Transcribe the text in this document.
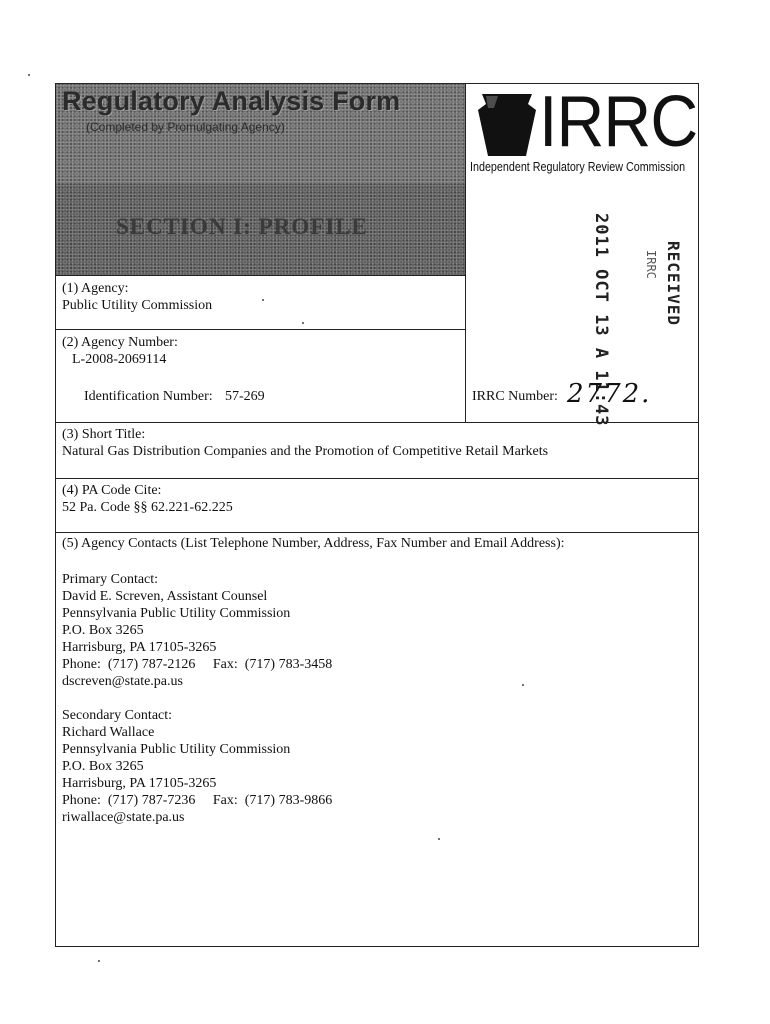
Regulatory Analysis Form
(Completed by Promulgating Agency)
SECTION I: PROFILE
IRRC
Independent Regulatory Review Commission
2011 OCT 13 A 11:43	RECEIVED
IRRC
(1) Agency:
Public Utility Commission
(2) Agency Number:
L-2008-2069114
Identification Number: 57-269	IRRC Number: 2772.
(3) Short Title:
Natural Gas Distribution Companies and the Promotion of Competitive Retail Markets
(4) PA Code Cite:
52 Pa. Code §§ 62.221-62.225
(5) Agency Contacts (List Telephone Number, Address, Fax Number and Email Address):
Primary Contact:
David E. Screven, Assistant Counsel
Pennsylvania Public Utility Commission
P.O. Box 3265
Harrisburg, PA 17105-3265
Phone:  (717) 787-2126     Fax:  (717) 783-3458
dscreven@state.pa.us
Secondary Contact:
Richard Wallace
Pennsylvania Public Utility Commission
P.O. Box 3265
Harrisburg, PA 17105-3265
Phone:  (717) 787-7236     Fax:  (717) 783-9866
riwallace@state.pa.us
